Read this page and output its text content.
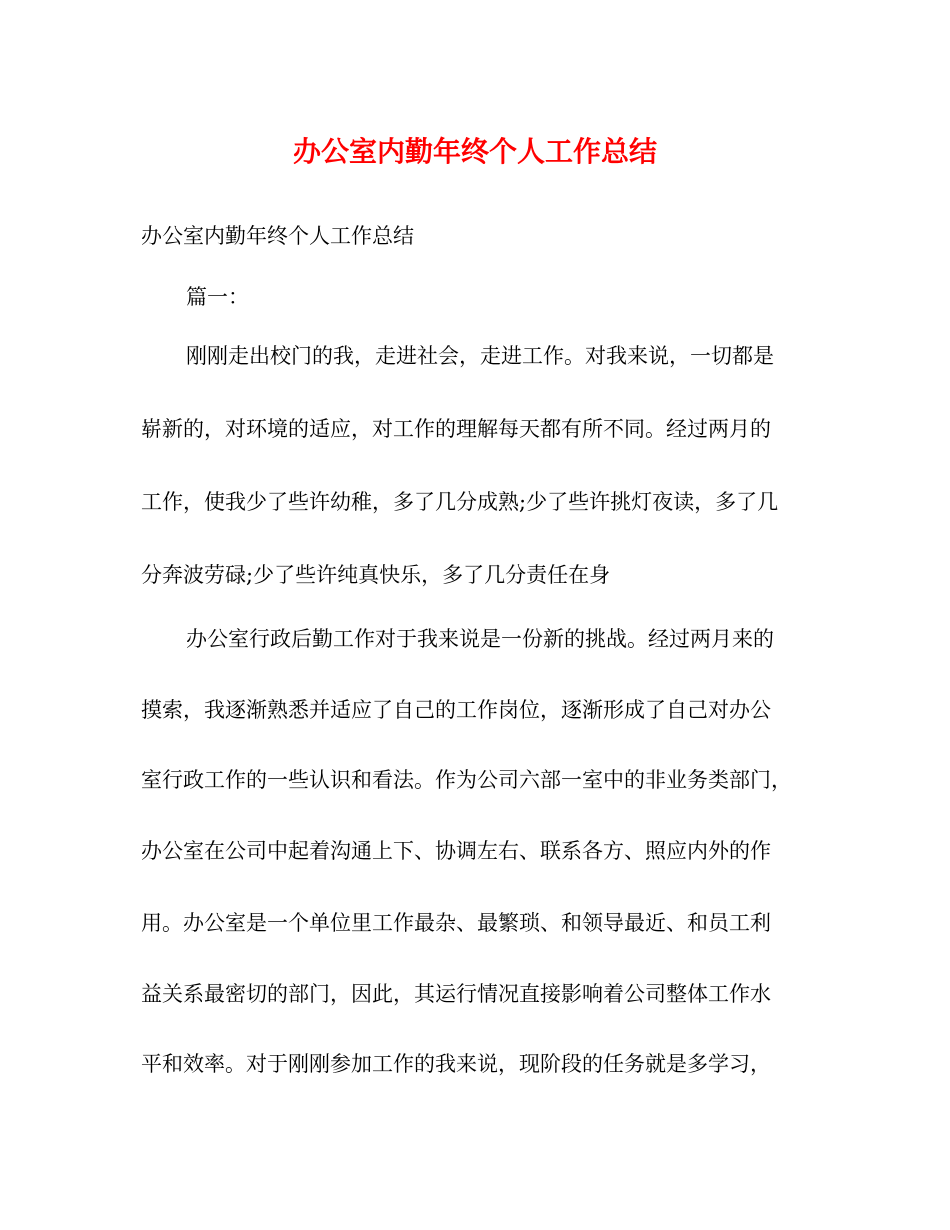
办公室内勤年终个人工作总结
办公室内勤年终个人工作总结
篇一：
刚刚走出校门的我，走进社会，走进工作。对我来说，一切都是
崭新的，对环境的适应，对工作的理解每天都有所不同。经过两月的
工作，使我少了些许幼稚，多了几分成熟;少了些许挑灯夜读，多了几
分奔波劳碌;少了些许纯真快乐，多了几分责任在身
办公室行政后勤工作对于我来说是一份新的挑战。经过两月来的
摸索，我逐渐熟悉并适应了自己的工作岗位，逐渐形成了自己对办公
室行政工作的一些认识和看法。作为公司六部一室中的非业务类部门，
办公室在公司中起着沟通上下、协调左右、联系各方、照应内外的作
用。办公室是一个单位里工作最杂、最繁琐、和领导最近、和员工利
益关系最密切的部门，因此，其运行情况直接影响着公司整体工作水
平和效率。对于刚刚参加工作的我来说，现阶段的任务就是多学习，
